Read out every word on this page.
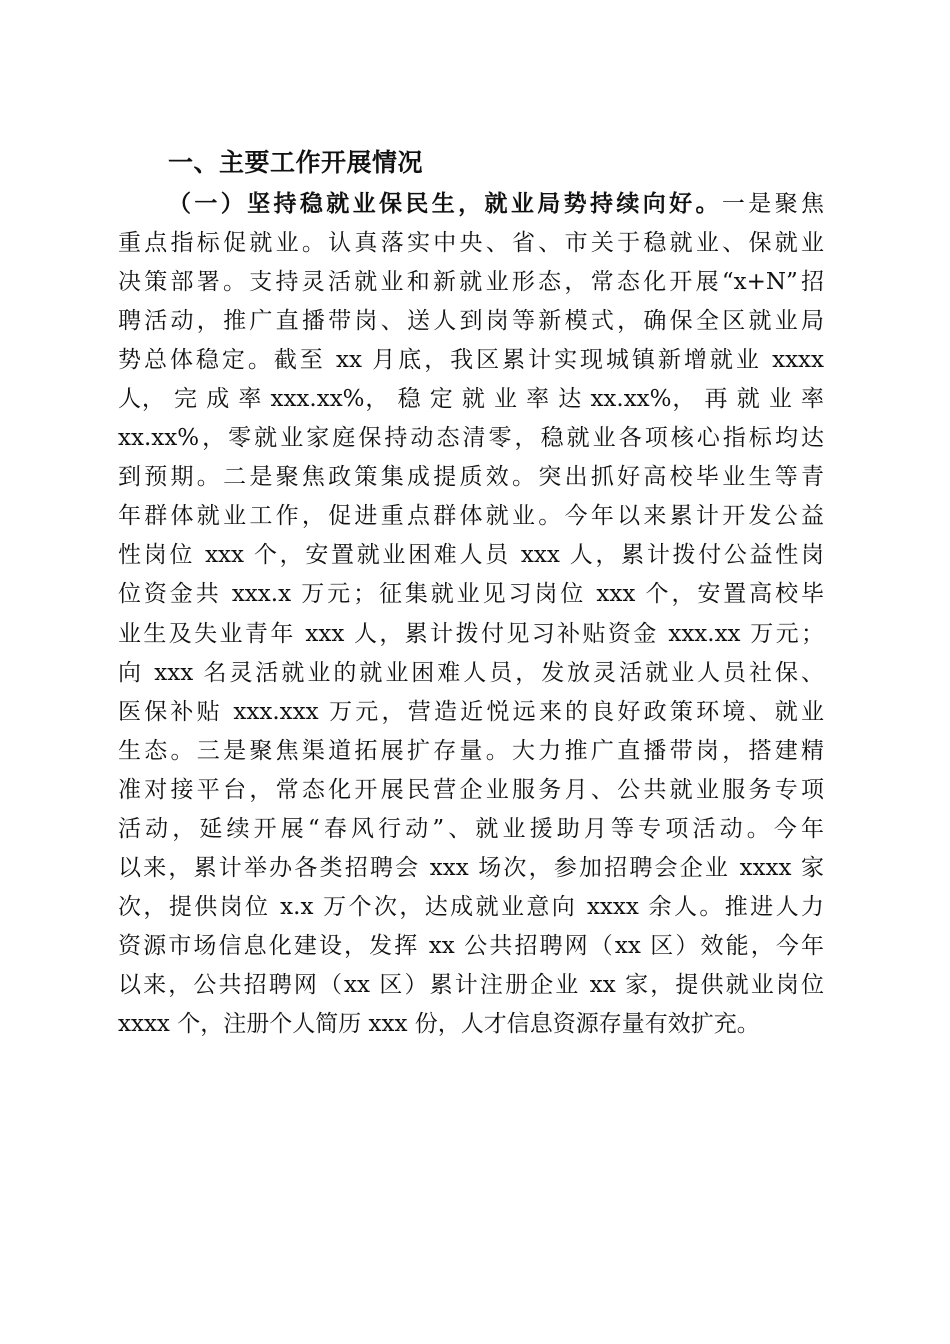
一、主要工作开展情况
（一）坚持稳就业保民生，就业局势持续向好。一是聚焦
重点指标促就业。认真落实中央、省、市关于稳就业、保就业
决策部署。支持灵活就业和新就业形态，常态化开展“x+N”招
聘活动，推广直播带岗、送人到岗等新模式，确保全区就业局
势总体稳定。截至 xx 月底，我区累计实现城镇新增就业 xxxx
人， 完 成 率 xxx.xx%， 稳 定 就 业 率 达 xx.xx%， 再 就 业 率
xx.xx%，零就业家庭保持动态清零，稳就业各项核心指标均达
到预期。二是聚焦政策集成提质效。突出抓好高校毕业生等青
年群体就业工作，促进重点群体就业。今年以来累计开发公益
性岗位 xxx 个，安置就业困难人员 xxx 人，累计拨付公益性岗
位资金共 xxx.x 万元；征集就业见习岗位 xxx 个，安置高校毕
业生及失业青年 xxx 人，累计拨付见习补贴资金 xxx.xx 万元；
向 xxx 名灵活就业的就业困难人员，发放灵活就业人员社保、
医保补贴 xxx.xxx 万元，营造近悦远来的良好政策环境、就业
生态。三是聚焦渠道拓展扩存量。大力推广直播带岗，搭建精
准对接平台，常态化开展民营企业服务月、公共就业服务专项
活动，延续开展“春风行动”、就业援助月等专项活动。今年
以来，累计举办各类招聘会 xxx 场次，参加招聘会企业 xxxx 家
次，提供岗位 x.x 万个次，达成就业意向 xxxx 余人。推进人力
资源市场信息化建设，发挥 xx 公共招聘网（xx 区）效能，今年
以来，公共招聘网（xx 区）累计注册企业 xx 家，提供就业岗位
xxxx 个，注册个人简历 xxx 份，人才信息资源存量有效扩充。
